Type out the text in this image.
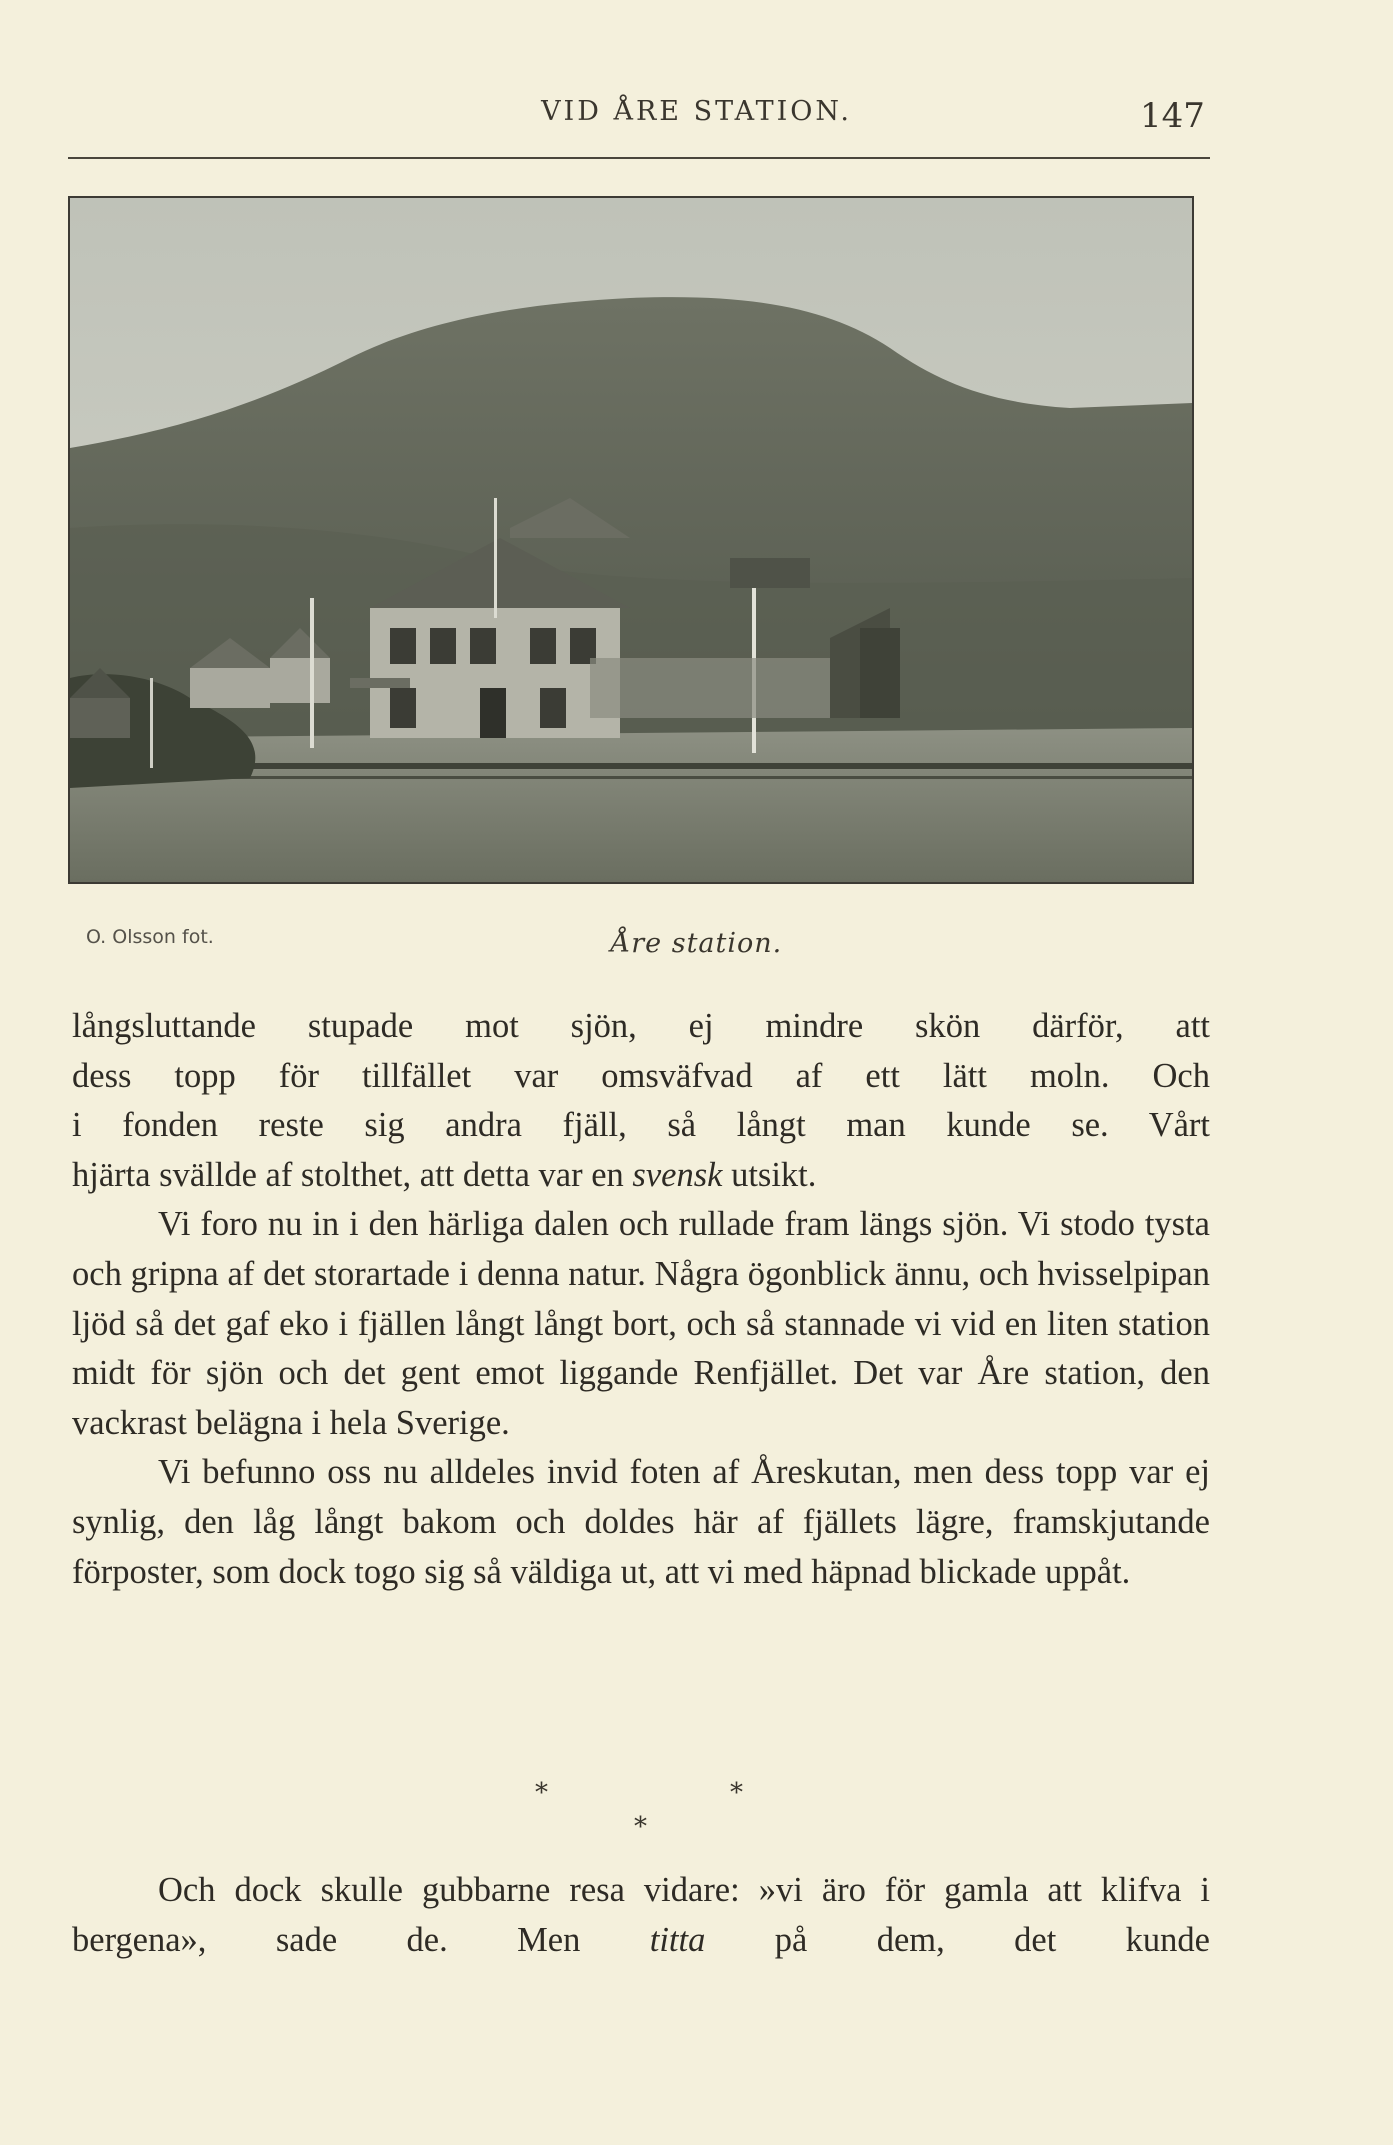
VID ÅRE STATION.	147
O. Olsson fot.	Åre station.

långsluttande stupade mot sjön, ej mindre skön därför, att

dess topp för tillfället var omsväfvad af ett lätt moln. Och

i fonden reste sig andra fjäll, så långt man kunde se. Vårt

hjärta svällde af stolthet, att detta var en svensk utsikt.

Vi foro nu in i den härliga dalen och rullade fram längs sjön. Vi stodo tysta och gripna af det storartade i denna natur. Några ögonblick ännu, och hvisselpipan ljöd så det gaf eko i fjällen långt långt bort, och så stannade vi vid en liten station midt för sjön och det gent emot liggande Renfjället. Det var Åre station, den vackrast belägna i hela Sverige.

Vi befunno oss nu alldeles invid foten af Åreskutan, men dess topp var ej synlig, den låg långt bakom och doldes här af fjällets lägre, framskjutande förposter, som dock togo sig så väldiga ut, att vi med häpnad blickade uppåt.

*	*
*

Och dock skulle gubbarne resa vidare: »vi äro för gamla att klifva i bergena», sade de. Men titta på dem, det kunde
